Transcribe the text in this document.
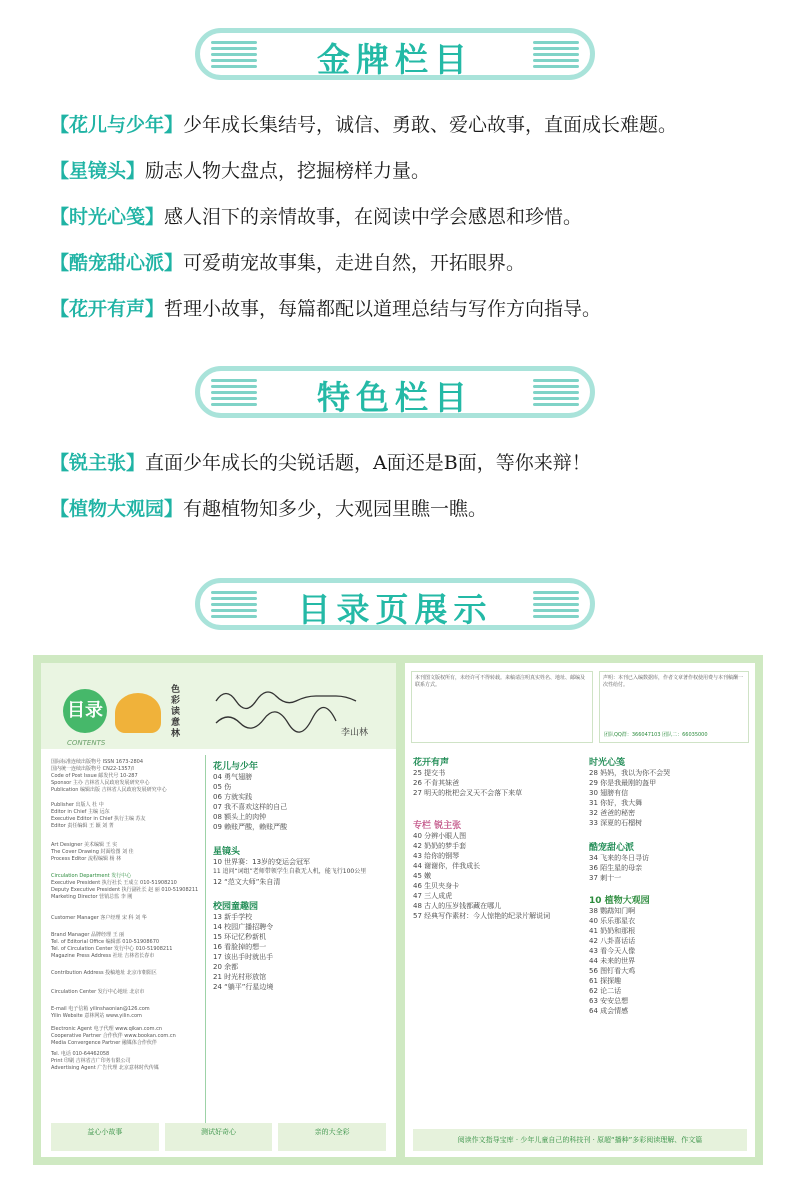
金牌栏目
【花儿与少年】少年成长集结号，诚信、勇敢、爱心故事，直面成长难题。
【星镜头】励志人物大盘点，挖掘榜样力量。
【时光心笺】感人泪下的亲情故事，在阅读中学会感恩和珍惜。
【酷宠甜心派】可爱萌宠故事集，走进自然，开拓眼界。
【花开有声】哲理小故事，每篇都配以道理总结与写作方向指导。
特色栏目
【锐主张】直面少年成长的尖锐话题，A面还是B面，等你来辩！
【植物大观园】有趣植物知多少，大观园里瞧一瞧。
目录页展示
目录
CONTENTS
色彩读意林	李山林
国际标准连续出版物号 ISSN 1673-2804
国内统一连续出版物号 CN22-1357/I
Code of Post Issue 邮发代号 10-287
Sponsor 主办 吉林省人民政府发展研究中心
Publication 编辑出版 吉林省人民政府发展研究中心
Publisher 出版人 杜 中
Editor in Chief 主编 远东
Executive Editor in Chief 执行主编 苏友
Editor 责任编辑 王 颖 刘 菁
Art Designer 美术编辑 王 实
The Cover Drawing 封面绘图 刘 佳
Process Editor 流程编辑 杨 林
Circulation Department 发行中心
Executive President 执行社长 王成立 010-51908210
Deputy Executive President 执行副社长 赵 丽 010-51908211
Marketing Director 营销总监 李 刚
Customer Manager 客户经理 宋 科 刘 华
Brand Manager 品牌经理 王 丽
Tel. of Editorial Office 编辑部 010-51908670
Tel. of Circulation Center 发行中心 010-51908211
Magazine Press Address 社址 吉林省长春市
Contribution Address 投稿地址 北京市朝阳区
Circulation Center 发行中心地址 北京市
E-mail 电子信箱 yilinshaonian@126.com
Yilin Website 意林网站 www.yilin.com
Electronic Agent 电子代理 www.qikan.com.cn
Cooperative Partner 合作伙伴 www.bookan.com.cn
Media Convergence Partner 融媒体合作伙伴
Tel. 电话 010-64462058
Print 印刷 吉林省吉广印务有限公司
Advertising Agent 广告代理 北京意林时代传媒
花儿与少年
04 勇气翅膀
05 伤
06 方就实践
07 我不喜欢这样的自己
08 额头上的肉钟
09 赖账严酸，赖账严酸
星镜头
10 世界赛：13岁的变运会冠军
11 追问“词组”老师带领学生自救无人机，能飞行100公里
12 “范文大师”朱自清
校园童趣园
13 新手学校
14 校园广播招聘令
15 环记忆秒新机
16 看脸掉的想一
17 该出手时就出手
20 余都
21 时光村形放馆
24 “躺平”行星边境
益心小故事	测试好奇心	亲的大全彩
本刊图文版权所有，未经许可不得转载。来稿请注明真实姓名、地址、邮编及联系方式。
声明：本刊已入编数据库，作者文章著作权使用费与本刊稿酬一次性给付。
团队QQ群：366047103 团队二：66035000
花开有声
25 提交书
26 不肯其妹爸
27 明天的枇杷会叉天不会落下来草
专栏 锐主张
40 分辨小眼人图
42 奶奶的梦手套
43 给你的钢琴
44 谢谢你，伴我成长
45 嫩
46 生贝夹身卡
47 三人成虎
48 古人的压岁钱都藏在哪儿
57 经典写作素材：今人惊艳的纪录片解说词
时光心笺
28 妈妈，我以为你不会哭
29 你是我最刚的盔甲
30 翅膀有信
31 你好，我大舞
32 爸爸的秘密
33 深夏的石榴树
酷宠甜心派
34 飞来的冬日寻访
36 陌生星的母亲
37 刺十一
10 植物大观园
38 鹦鹉知门啊
40 乐乐那星衣
41 奶奶和那根
42 八卦喜话话
43 看今天人像
44 未来的世界
56 图钉看大鸡
61 探探趣
62 论二话
63 安安总想
64 成会情感
阅读作文指导宝库 · 少年儿童自己的科技刊 · 原超“播种”多彩阅读理解、作文篇
